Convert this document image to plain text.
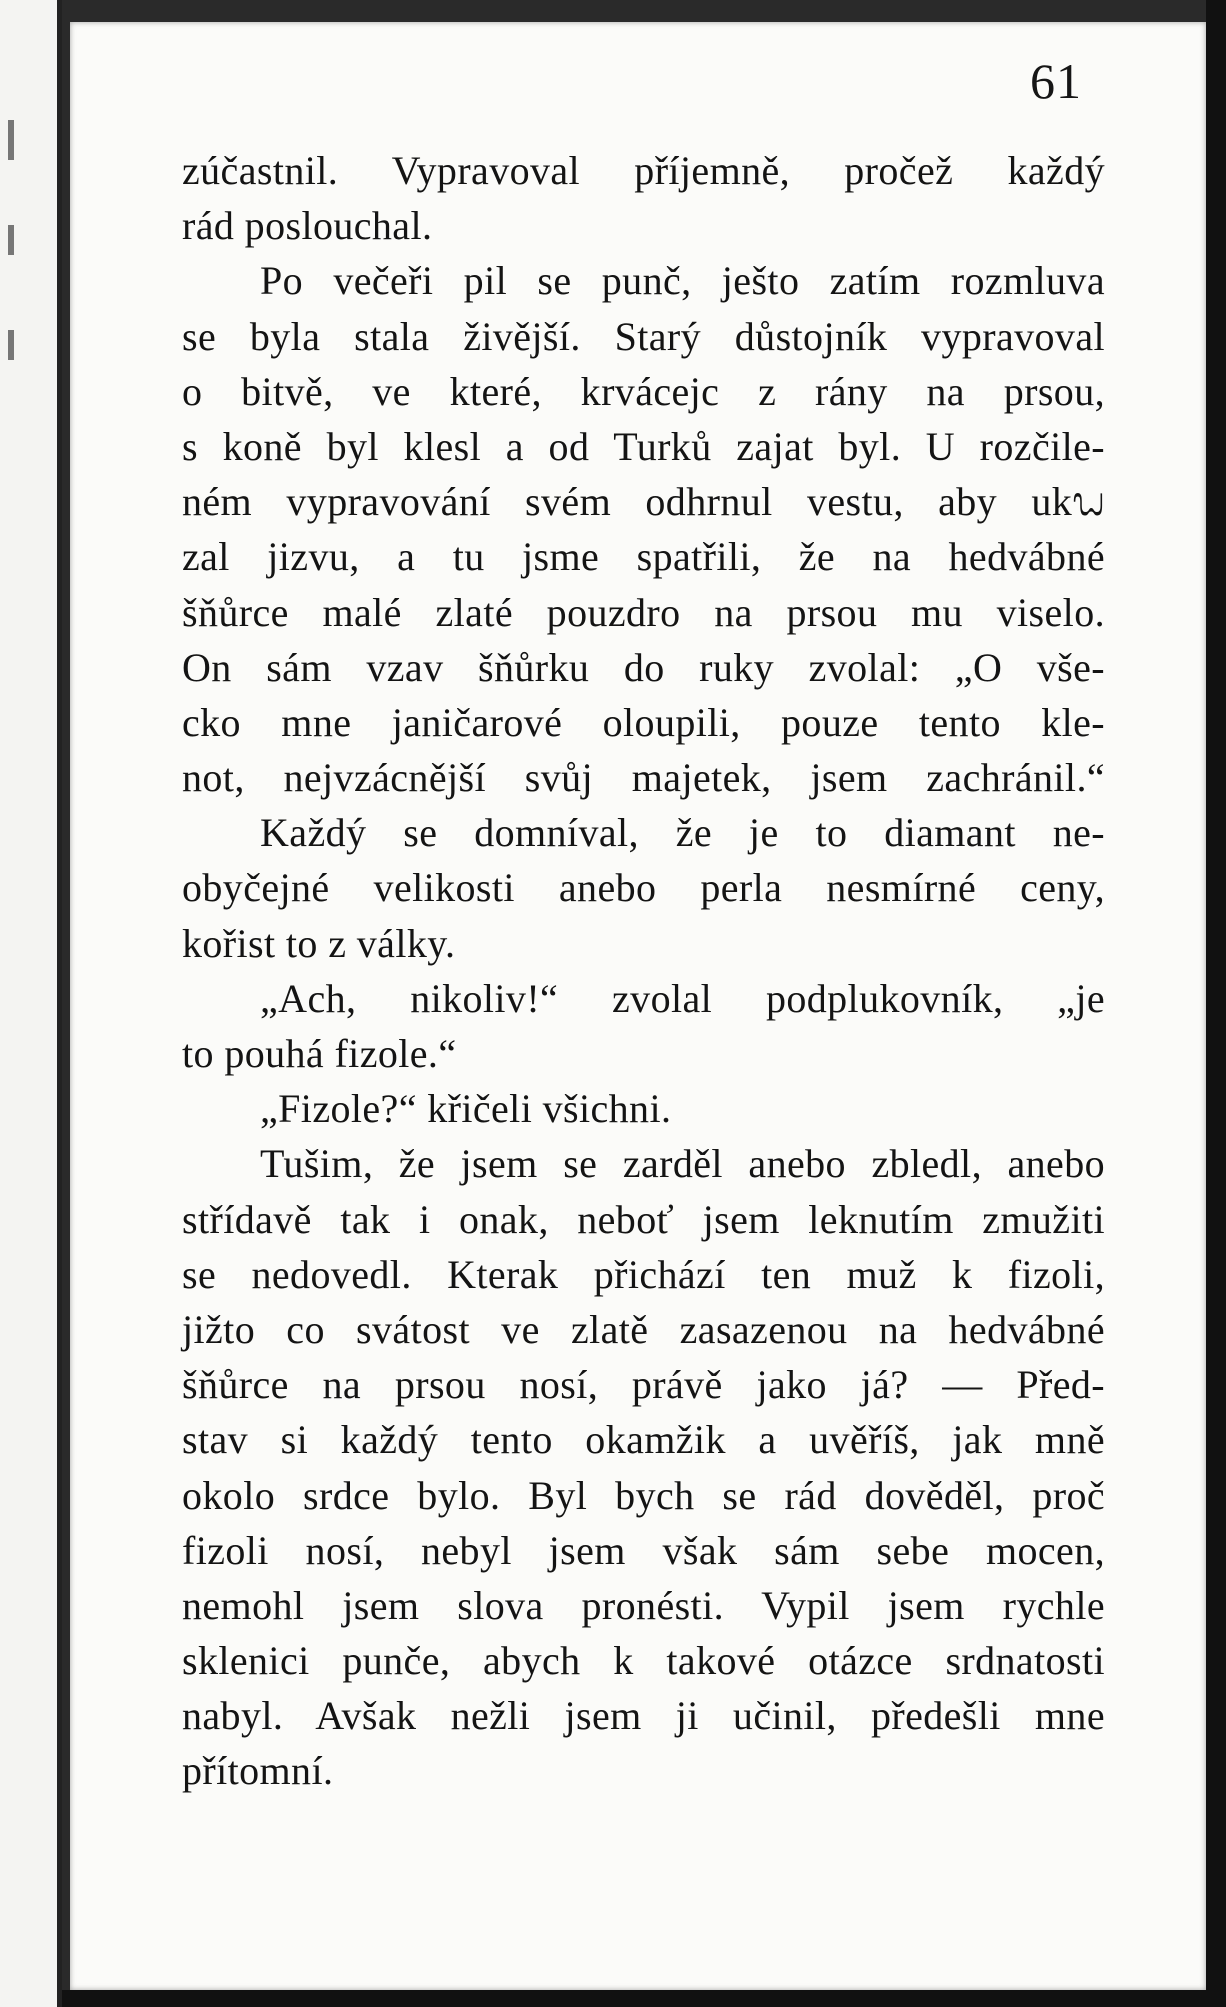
61
zúčastnil. Vypravoval příjemně, pročež každý
rád poslouchal.
Po večeři pil se punč, ješto zatím rozmluva
se byla stala živější. Starý důstojník vypravoval
o bitvě, ve které, krvácejc z rány na prsou,
s koně byl klesl a od Turků zajat byl. U rozčile-
ném vypravování svém odhrnul vestu, aby ukᬠ
zal jizvu, a tu jsme spatřili, že na hedvábné
šňůrce malé zlaté pouzdro na prsou mu viselo.
On sám vzav šňůrku do ruky zvolal: „O vše-
cko mne janičarové oloupili, pouze tento kle-
not, nejvzácnější svůj majetek, jsem zachránil.“
Každý se domníval, že je to diamant ne-
obyčejné velikosti anebo perla nesmírné ceny,
kořist to z války.
„Ach, nikoliv!“ zvolal podplukovník, „je
to pouhá fizole.“
„Fizole?“ křičeli všichni.
Tušim, že jsem se zarděl anebo zbledl, anebo
střídavě tak i onak, neboť jsem leknutím zmužiti
se nedovedl. Kterak přichází ten muž k fizoli,
jižto co svátost ve zlatě zasazenou na hedvábné
šňůrce na prsou nosí, právě jako já? — Před-
stav si každý tento okamžik a uvěříš, jak mně
okolo srdce bylo. Byl bych se rád dověděl, proč
fizoli nosí, nebyl jsem však sám sebe mocen,
nemohl jsem slova pronésti. Vypil jsem rychle
sklenici punče, abych k takové otázce srdnatosti
nabyl. Avšak nežli jsem ji učinil, předešli mne
přítomní.
